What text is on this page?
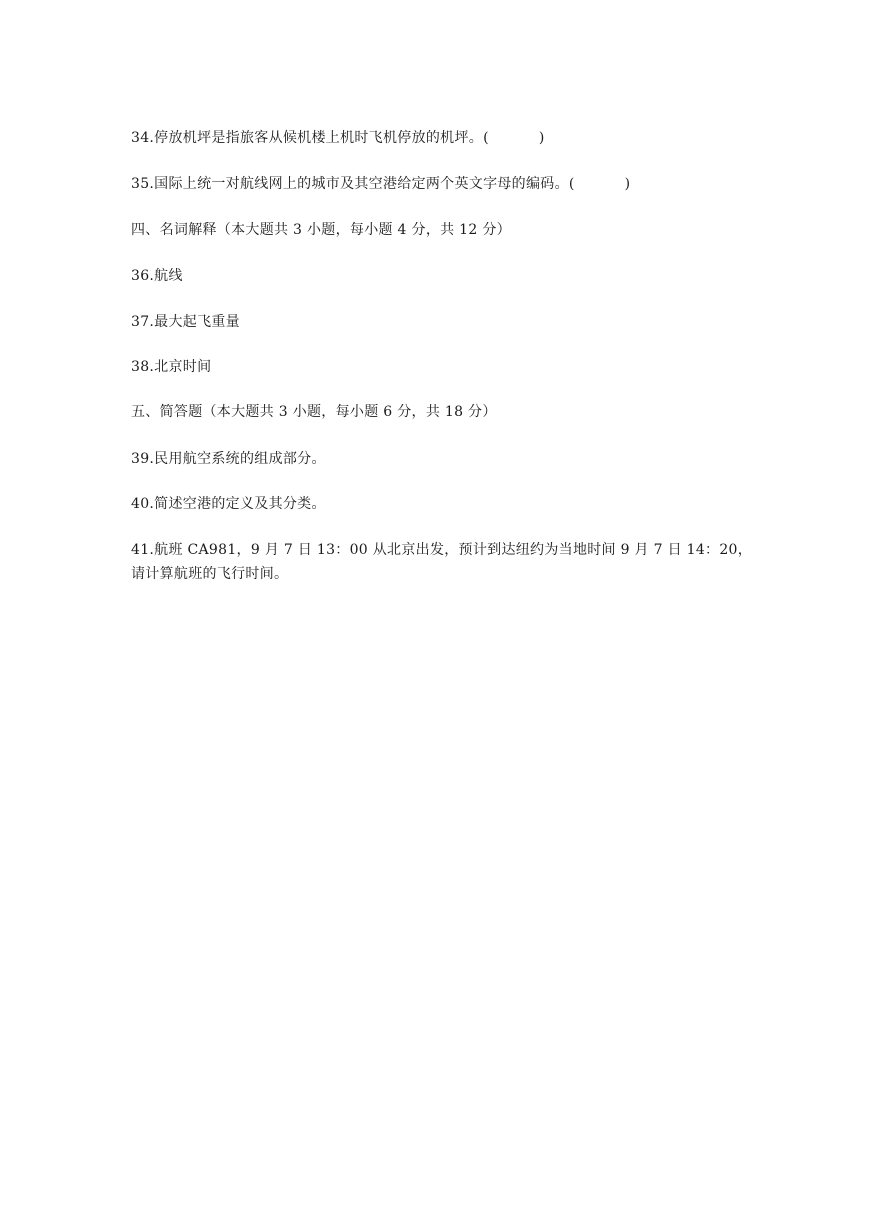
34.停放机坪是指旅客从候机楼上机时飞机停放的机坪。(	)
35.国际上统一对航线网上的城市及其空港给定两个英文字母的编码。(	)
四、名词解释（本大题共 3 小题，每小题 4 分，共 12 分）
36.航线
37.最大起飞重量
38.北京时间
五、简答题（本大题共 3 小题，每小题 6 分，共 18 分）
39.民用航空系统的组成部分。
40.简述空港的定义及其分类。
41.航班 CA981，9 月 7 日 13：00 从北京出发，预计到达纽约为当地时间 9 月 7 日 14：20，
请计算航班的飞行时间。
